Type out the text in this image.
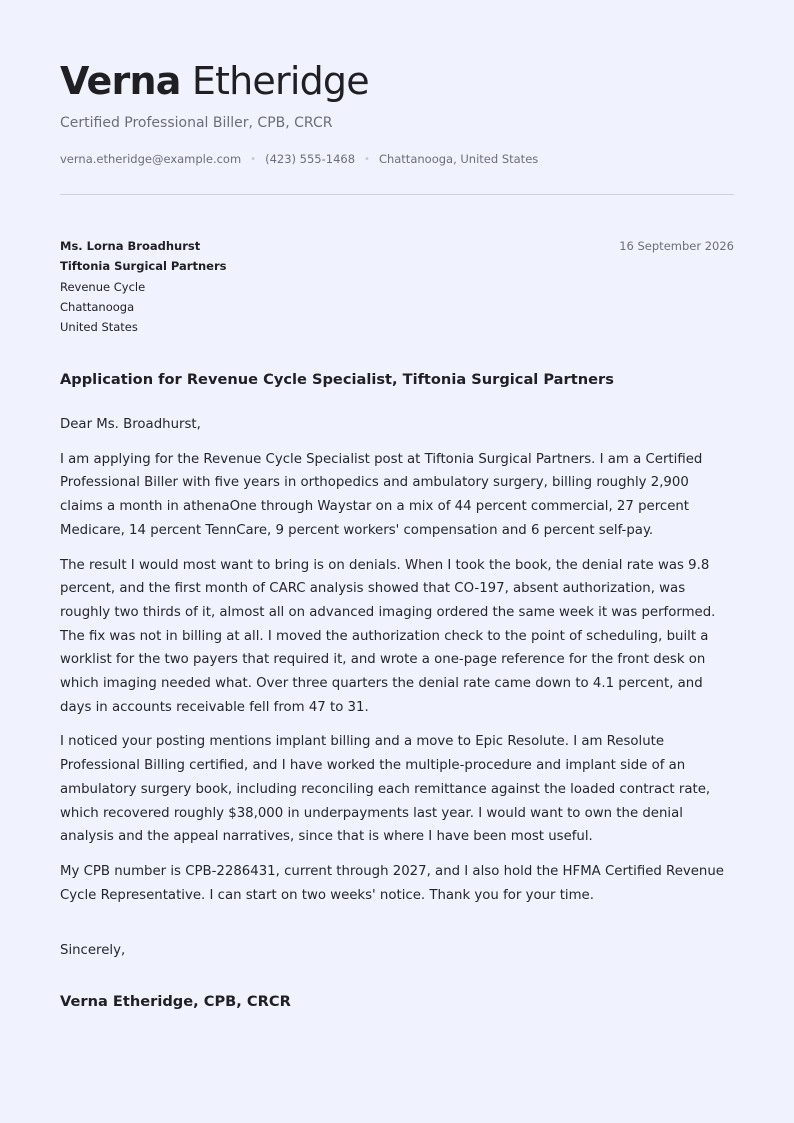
Verna Etheridge
Certified Professional Biller, CPB, CRCR
verna.etheridge@example.com • (423) 555-1468 • Chattanooga, United States
Ms. Lorna Broadhurst
Tiftonia Surgical Partners
Revenue Cycle
Chattanooga
United States
16 September 2026
Application for Revenue Cycle Specialist, Tiftonia Surgical Partners

Dear Ms. Broadhurst,

I am applying for the Revenue Cycle Specialist post at Tiftonia Surgical Partners. I am a Certified Professional Biller with five years in orthopedics and ambulatory surgery, billing roughly 2,900 claims a month in athenaOne through Waystar on a mix of 44 percent commercial, 27 percent Medicare, 14 percent TennCare, 9 percent workers' compensation and 6 percent self-pay.

The result I would most want to bring is on denials. When I took the book, the denial rate was 9.8 percent, and the first month of CARC analysis showed that CO-197, absent authorization, was roughly two thirds of it, almost all on advanced imaging ordered the same week it was performed. The fix was not in billing at all. I moved the authorization check to the point of scheduling, built a worklist for the two payers that required it, and wrote a one-page reference for the front desk on which imaging needed what. Over three quarters the denial rate came down to 4.1 percent, and days in accounts receivable fell from 47 to 31.

I noticed your posting mentions implant billing and a move to Epic Resolute. I am Resolute Professional Billing certified, and I have worked the multiple-procedure and implant side of an ambulatory surgery book, including reconciling each remittance against the loaded contract rate, which recovered roughly $38,000 in underpayments last year. I would want to own the denial analysis and the appeal narratives, since that is where I have been most useful.

My CPB number is CPB-2286431, current through 2027, and I also hold the HFMA Certified Revenue Cycle Representative. I can start on two weeks' notice. Thank you for your time.

Sincerely,
Verna Etheridge, CPB, CRCR
